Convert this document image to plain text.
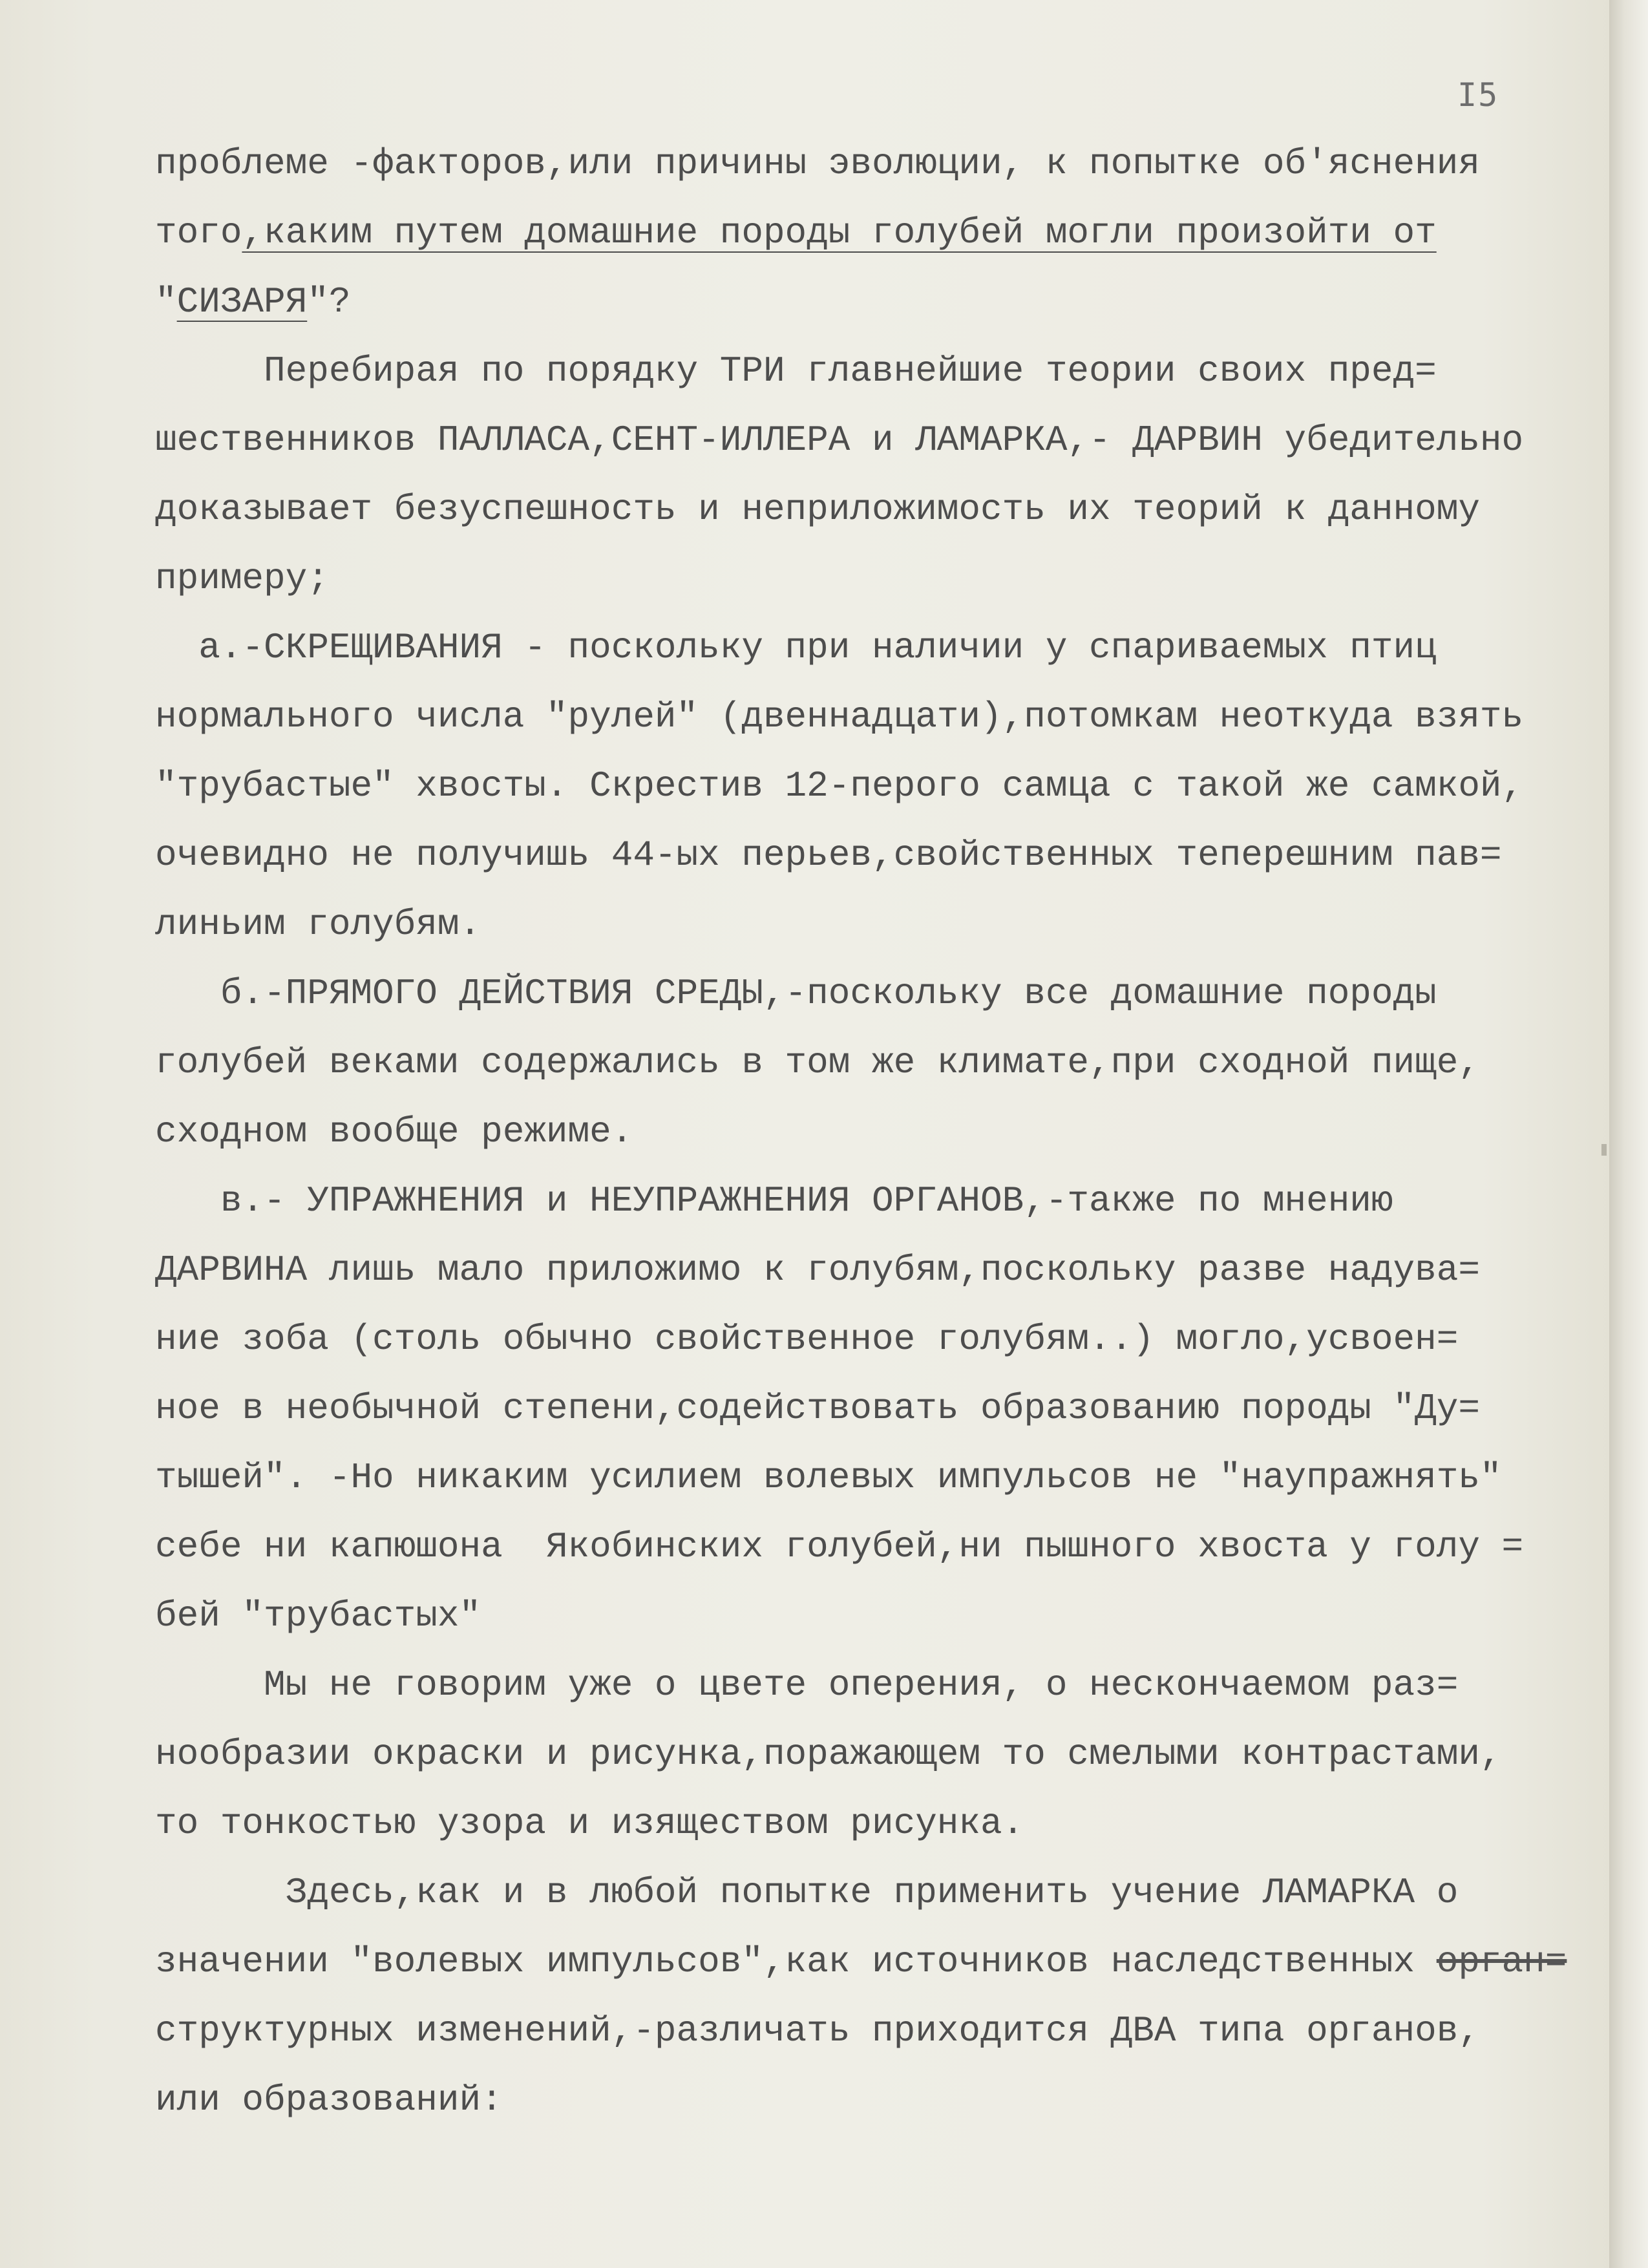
I5
проблеме -факторов,или причины эволюции, к попытке об'яснения
того,каким путем домашние породы голубей могли произойти от
"СИЗАРЯ"?
Перебирая по порядку ТРИ главнейшие теории своих пред=
шественников ПАЛЛАСА,СЕНТ-ИЛЛЕРА и ЛАМАРКА,- ДАРВИН убедительно
доказывает безуспешность и неприложимость их теорий к данному
примеру;
а.-СКРЕЩИВАНИЯ - поскольку при наличии у спариваемых птиц
нормального числа "рулей" (двеннадцати),потомкам неоткуда взять
"трубастые" хвосты. Скрестив 12-перого самца с такой же самкой,
очевидно не получишь 44-ых перьев,свойственных теперешним пав=
линьим голубям.
б.-ПРЯМОГО ДЕЙСТВИЯ СРЕДЫ,-поскольку все домашние породы
голубей веками содержались в том же климате,при сходной пище,
сходном вообще режиме.
в.- УПРАЖНЕНИЯ и НЕУПРАЖНЕНИЯ ОРГАНОВ,-также по мнению
ДАРВИНА лишь мало приложимо к голубям,поскольку разве надува=
ние зоба (столь обычно свойственное голубям..) могло,усвоен=
ное в необычной степени,содействовать образованию породы "Ду=
тышей". -Но никаким усилием волевых импульсов не "наупражнять"
себе ни капюшона  Якобинских голубей,ни пышного хвоста у голу =
бей "трубастых"
Мы не говорим уже о цвете оперения, о нескончаемом раз=
нообразии окраски и рисунка,поражающем то смелыми контрастами,
то тонкостью узора и изяществом рисунка.
Здесь,как и в любой попытке применить учение ЛАМАРКА о
значении "волевых импульсов",как источников наследственных орган=
структурных изменений,-различать приходится ДВА типа органов,
или образований:
